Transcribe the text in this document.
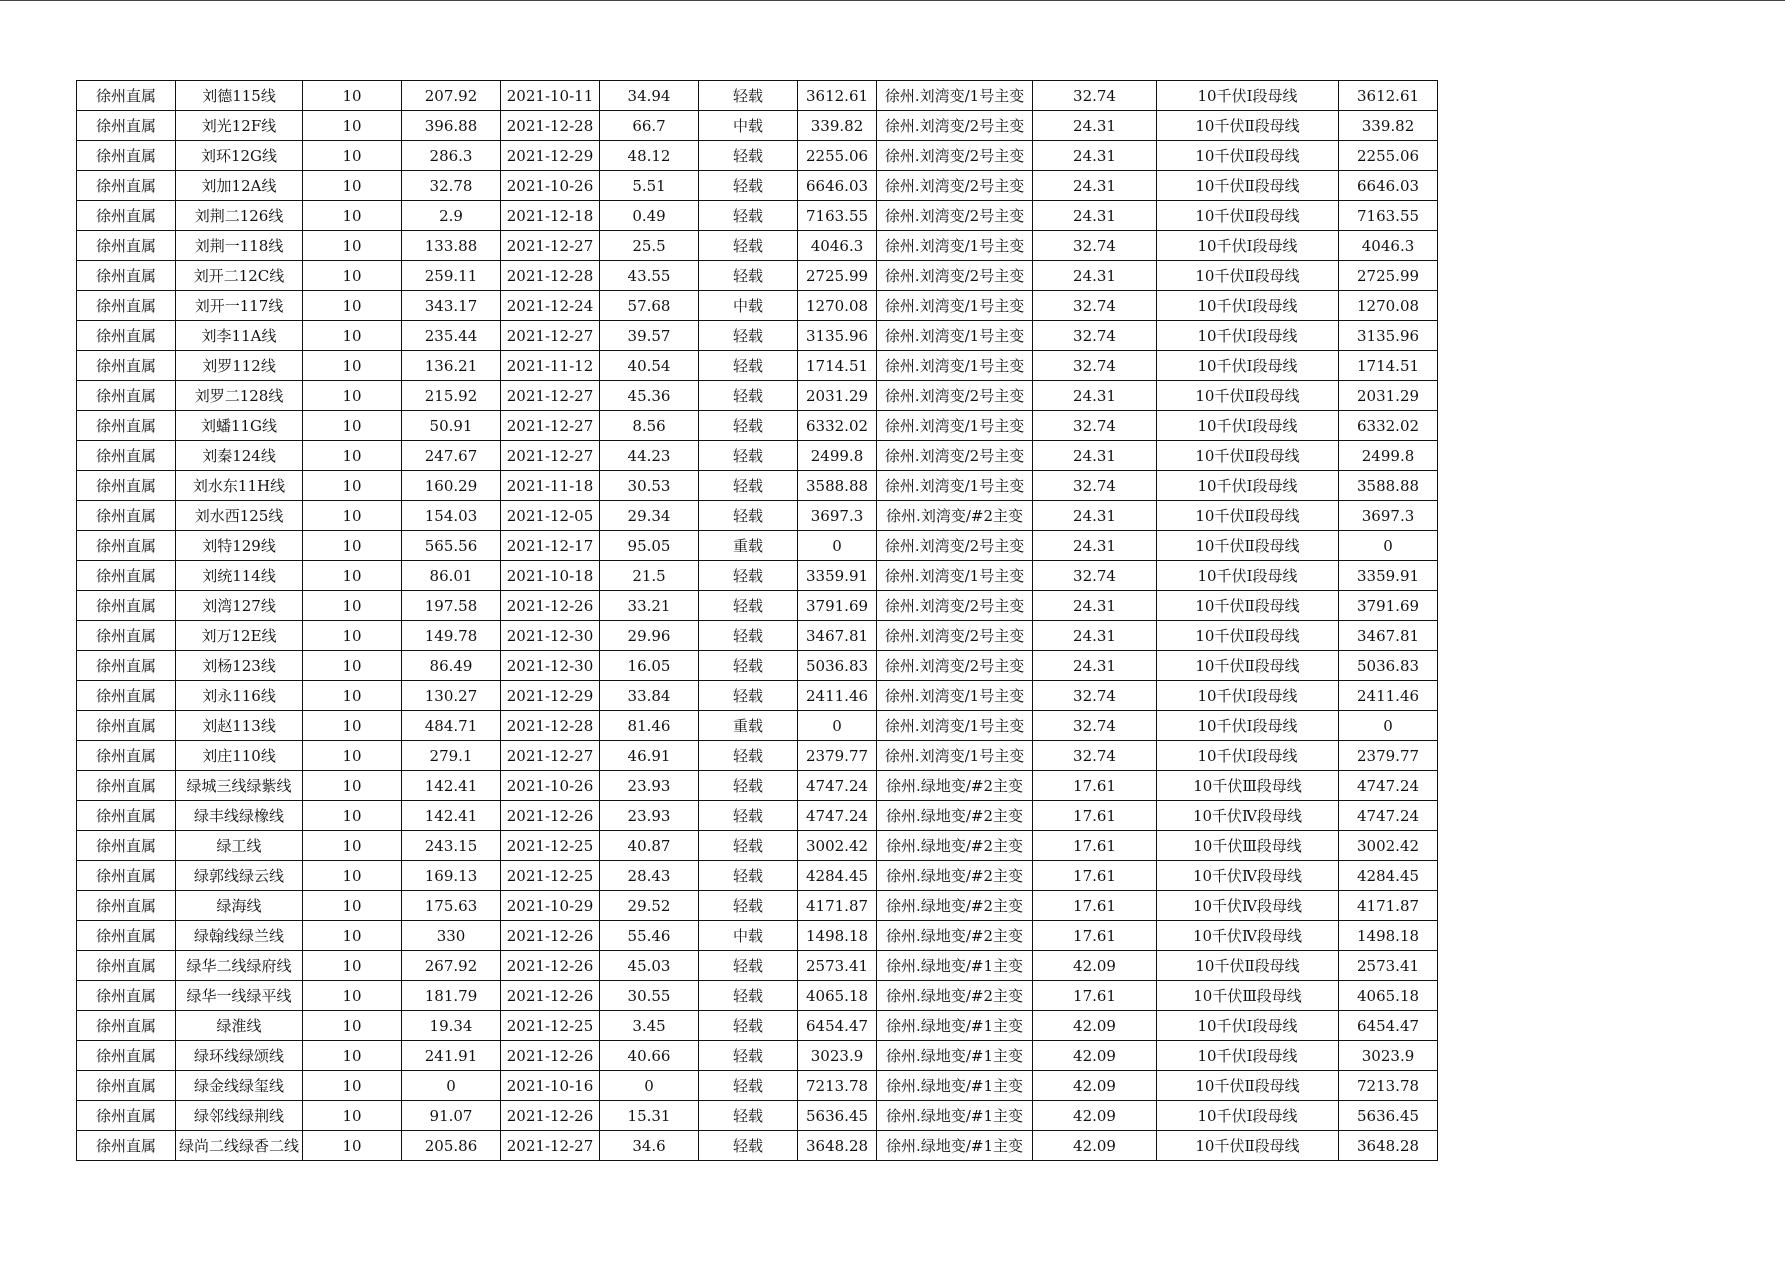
徐州直属	刘德115线	10	207.92	2021-10-11	34.94	轻载	3612.61	徐州.刘湾变/1号主变	32.74	10千伏Ⅰ段母线	3612.61
徐州直属	刘光12F线	10	396.88	2021-12-28	66.7	中载	339.82	徐州.刘湾变/2号主变	24.31	10千伏Ⅱ段母线	339.82
徐州直属	刘环12G线	10	286.3	2021-12-29	48.12	轻载	2255.06	徐州.刘湾变/2号主变	24.31	10千伏Ⅱ段母线	2255.06
徐州直属	刘加12A线	10	32.78	2021-10-26	5.51	轻载	6646.03	徐州.刘湾变/2号主变	24.31	10千伏Ⅱ段母线	6646.03
徐州直属	刘荆二126线	10	2.9	2021-12-18	0.49	轻载	7163.55	徐州.刘湾变/2号主变	24.31	10千伏Ⅱ段母线	7163.55
徐州直属	刘荆一118线	10	133.88	2021-12-27	25.5	轻载	4046.3	徐州.刘湾变/1号主变	32.74	10千伏Ⅰ段母线	4046.3
徐州直属	刘开二12C线	10	259.11	2021-12-28	43.55	轻载	2725.99	徐州.刘湾变/2号主变	24.31	10千伏Ⅱ段母线	2725.99
徐州直属	刘开一117线	10	343.17	2021-12-24	57.68	中载	1270.08	徐州.刘湾变/1号主变	32.74	10千伏Ⅰ段母线	1270.08
徐州直属	刘李11A线	10	235.44	2021-12-27	39.57	轻载	3135.96	徐州.刘湾变/1号主变	32.74	10千伏Ⅰ段母线	3135.96
徐州直属	刘罗112线	10	136.21	2021-11-12	40.54	轻载	1714.51	徐州.刘湾变/1号主变	32.74	10千伏Ⅰ段母线	1714.51
徐州直属	刘罗二128线	10	215.92	2021-12-27	45.36	轻载	2031.29	徐州.刘湾变/2号主变	24.31	10千伏Ⅱ段母线	2031.29
徐州直属	刘蟠11G线	10	50.91	2021-12-27	8.56	轻载	6332.02	徐州.刘湾变/1号主变	32.74	10千伏Ⅰ段母线	6332.02
徐州直属	刘秦124线	10	247.67	2021-12-27	44.23	轻载	2499.8	徐州.刘湾变/2号主变	24.31	10千伏Ⅱ段母线	2499.8
徐州直属	刘水东11H线	10	160.29	2021-11-18	30.53	轻载	3588.88	徐州.刘湾变/1号主变	32.74	10千伏Ⅰ段母线	3588.88
徐州直属	刘水西125线	10	154.03	2021-12-05	29.34	轻载	3697.3	徐州.刘湾变/#2主变	24.31	10千伏Ⅱ段母线	3697.3
徐州直属	刘特129线	10	565.56	2021-12-17	95.05	重载	0	徐州.刘湾变/2号主变	24.31	10千伏Ⅱ段母线	0
徐州直属	刘统114线	10	86.01	2021-10-18	21.5	轻载	3359.91	徐州.刘湾变/1号主变	32.74	10千伏Ⅰ段母线	3359.91
徐州直属	刘湾127线	10	197.58	2021-12-26	33.21	轻载	3791.69	徐州.刘湾变/2号主变	24.31	10千伏Ⅱ段母线	3791.69
徐州直属	刘万12E线	10	149.78	2021-12-30	29.96	轻载	3467.81	徐州.刘湾变/2号主变	24.31	10千伏Ⅱ段母线	3467.81
徐州直属	刘杨123线	10	86.49	2021-12-30	16.05	轻载	5036.83	徐州.刘湾变/2号主变	24.31	10千伏Ⅱ段母线	5036.83
徐州直属	刘永116线	10	130.27	2021-12-29	33.84	轻载	2411.46	徐州.刘湾变/1号主变	32.74	10千伏Ⅰ段母线	2411.46
徐州直属	刘赵113线	10	484.71	2021-12-28	81.46	重载	0	徐州.刘湾变/1号主变	32.74	10千伏Ⅰ段母线	0
徐州直属	刘庄110线	10	279.1	2021-12-27	46.91	轻载	2379.77	徐州.刘湾变/1号主变	32.74	10千伏Ⅰ段母线	2379.77
徐州直属	绿城三线绿紫线	10	142.41	2021-10-26	23.93	轻载	4747.24	徐州.绿地变/#2主变	17.61	10千伏Ⅲ段母线	4747.24
徐州直属	绿丰线绿橡线	10	142.41	2021-12-26	23.93	轻载	4747.24	徐州.绿地变/#2主变	17.61	10千伏Ⅳ段母线	4747.24
徐州直属	绿工线	10	243.15	2021-12-25	40.87	轻载	3002.42	徐州.绿地变/#2主变	17.61	10千伏Ⅲ段母线	3002.42
徐州直属	绿郭线绿云线	10	169.13	2021-12-25	28.43	轻载	4284.45	徐州.绿地变/#2主变	17.61	10千伏Ⅳ段母线	4284.45
徐州直属	绿海线	10	175.63	2021-10-29	29.52	轻载	4171.87	徐州.绿地变/#2主变	17.61	10千伏Ⅳ段母线	4171.87
徐州直属	绿翰线绿兰线	10	330	2021-12-26	55.46	中载	1498.18	徐州.绿地变/#2主变	17.61	10千伏Ⅳ段母线	1498.18
徐州直属	绿华二线绿府线	10	267.92	2021-12-26	45.03	轻载	2573.41	徐州.绿地变/#1主变	42.09	10千伏Ⅱ段母线	2573.41
徐州直属	绿华一线绿平线	10	181.79	2021-12-26	30.55	轻载	4065.18	徐州.绿地变/#2主变	17.61	10千伏Ⅲ段母线	4065.18
徐州直属	绿淮线	10	19.34	2021-12-25	3.45	轻载	6454.47	徐州.绿地变/#1主变	42.09	10千伏Ⅰ段母线	6454.47
徐州直属	绿环线绿颂线	10	241.91	2021-12-26	40.66	轻载	3023.9	徐州.绿地变/#1主变	42.09	10千伏Ⅰ段母线	3023.9
徐州直属	绿金线绿玺线	10	0	2021-10-16	0	轻载	7213.78	徐州.绿地变/#1主变	42.09	10千伏Ⅱ段母线	7213.78
徐州直属	绿邻线绿荆线	10	91.07	2021-12-26	15.31	轻载	5636.45	徐州.绿地变/#1主变	42.09	10千伏Ⅰ段母线	5636.45
徐州直属	绿尚二线绿香二线	10	205.86	2021-12-27	34.6	轻载	3648.28	徐州.绿地变/#1主变	42.09	10千伏Ⅱ段母线	3648.28
